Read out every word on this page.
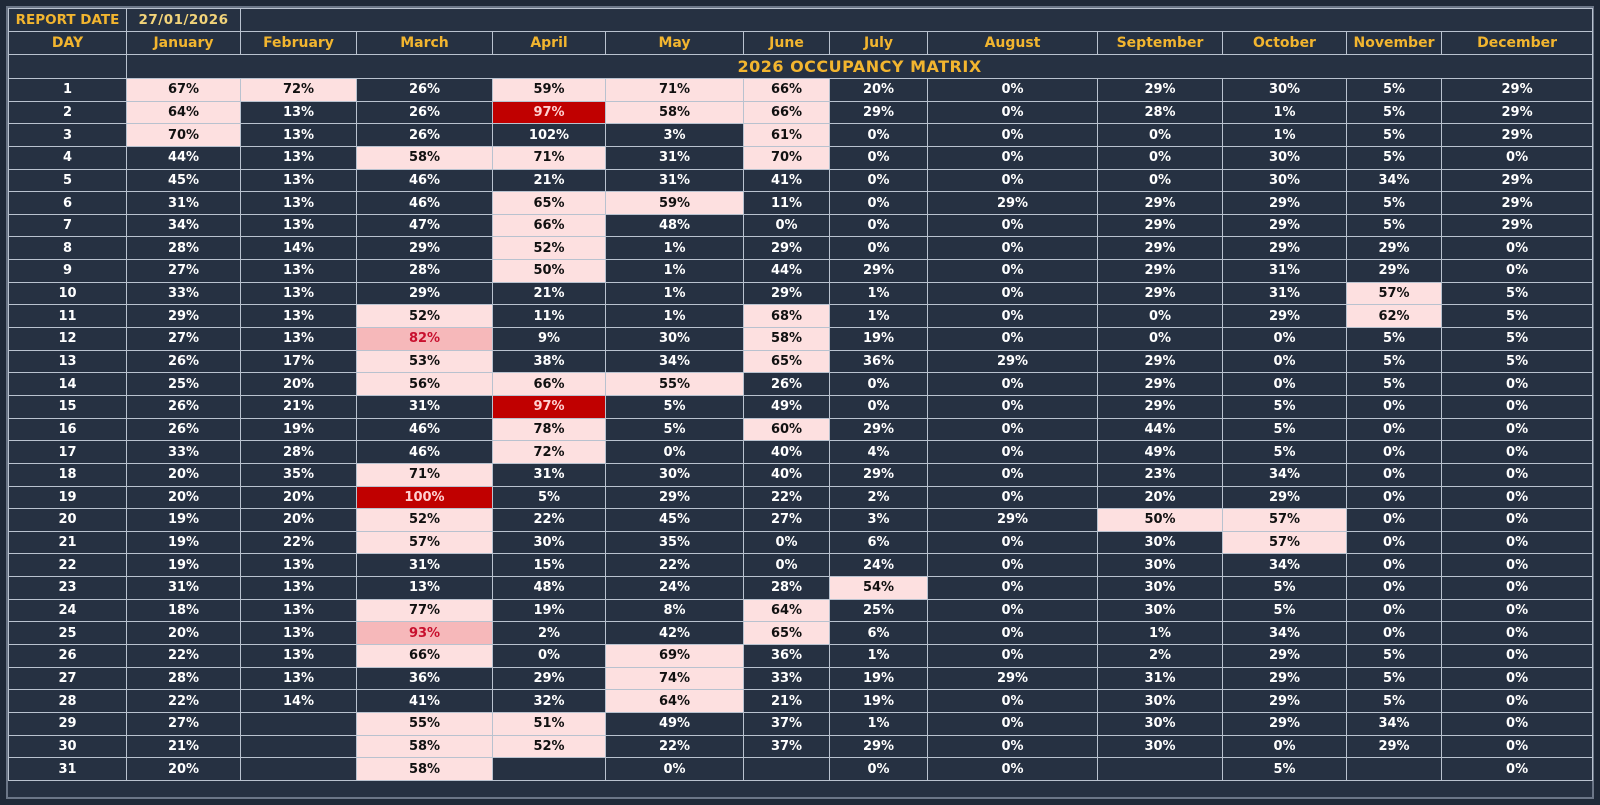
REPORT DATE	27/01/2026											
DAY	January	February	March	April	May	June	July	August	September	October	November	December
	2026 OCCUPANCY MATRIX											
1	67%	72%	26%	59%	71%	66%	20%	0%	29%	30%	5%	29%
2	64%	13%	26%	97%	58%	66%	29%	0%	28%	1%	5%	29%
3	70%	13%	26%	102%	3%	61%	0%	0%	0%	1%	5%	29%
4	44%	13%	58%	71%	31%	70%	0%	0%	0%	30%	5%	0%
5	45%	13%	46%	21%	31%	41%	0%	0%	0%	30%	34%	29%
6	31%	13%	46%	65%	59%	11%	0%	29%	29%	29%	5%	29%
7	34%	13%	47%	66%	48%	0%	0%	0%	29%	29%	5%	29%
8	28%	14%	29%	52%	1%	29%	0%	0%	29%	29%	29%	0%
9	27%	13%	28%	50%	1%	44%	29%	0%	29%	31%	29%	0%
10	33%	13%	29%	21%	1%	29%	1%	0%	29%	31%	57%	5%
11	29%	13%	52%	11%	1%	68%	1%	0%	0%	29%	62%	5%
12	27%	13%	82%	9%	30%	58%	19%	0%	0%	0%	5%	5%
13	26%	17%	53%	38%	34%	65%	36%	29%	29%	0%	5%	5%
14	25%	20%	56%	66%	55%	26%	0%	0%	29%	0%	5%	0%
15	26%	21%	31%	97%	5%	49%	0%	0%	29%	5%	0%	0%
16	26%	19%	46%	78%	5%	60%	29%	0%	44%	5%	0%	0%
17	33%	28%	46%	72%	0%	40%	4%	0%	49%	5%	0%	0%
18	20%	35%	71%	31%	30%	40%	29%	0%	23%	34%	0%	0%
19	20%	20%	100%	5%	29%	22%	2%	0%	20%	29%	0%	0%
20	19%	20%	52%	22%	45%	27%	3%	29%	50%	57%	0%	0%
21	19%	22%	57%	30%	35%	0%	6%	0%	30%	57%	0%	0%
22	19%	13%	31%	15%	22%	0%	24%	0%	30%	34%	0%	0%
23	31%	13%	13%	48%	24%	28%	54%	0%	30%	5%	0%	0%
24	18%	13%	77%	19%	8%	64%	25%	0%	30%	5%	0%	0%
25	20%	13%	93%	2%	42%	65%	6%	0%	1%	34%	0%	0%
26	22%	13%	66%	0%	69%	36%	1%	0%	2%	29%	5%	0%
27	28%	13%	36%	29%	74%	33%	19%	29%	31%	29%	5%	0%
28	22%	14%	41%	32%	64%	21%	19%	0%	30%	29%	5%	0%
29	27%		55%	51%	49%	37%	1%	0%	30%	29%	34%	0%
30	21%		58%	52%	22%	37%	29%	0%	30%	0%	29%	0%
31	20%		58%		0%		0%	0%		5%		0%
